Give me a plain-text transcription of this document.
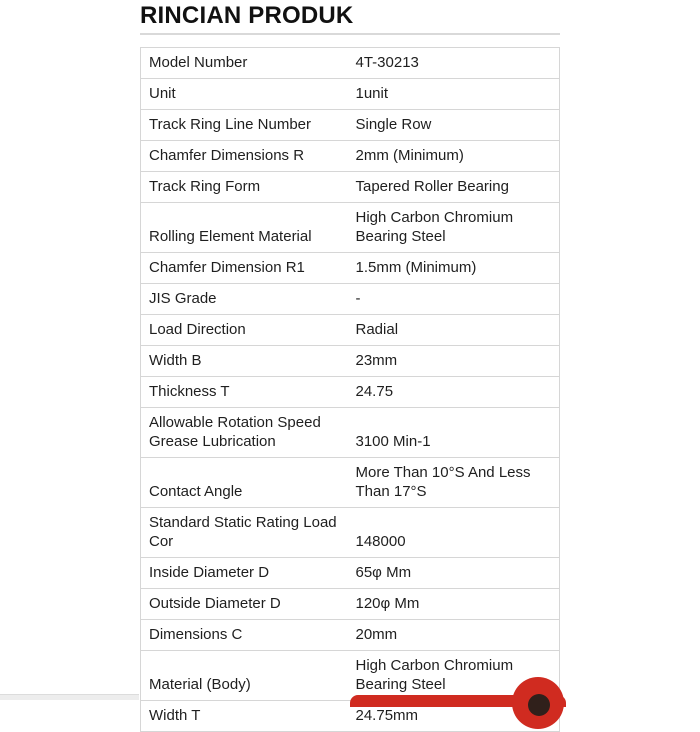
RINCIAN PRODUK
Model Number	4T-30213
Unit	1unit
Track Ring Line Number	Single Row
Chamfer Dimensions R	2mm (Minimum)
Track Ring Form	Tapered Roller Bearing
Rolling Element Material	High Carbon Chromium Bearing Steel
Chamfer Dimension R1	1.5mm (Minimum)
JIS Grade	-
Load Direction	Radial
Width B	23mm
Thickness T	24.75
Allowable Rotation Speed Grease Lubrication	3100 Min-1
Contact Angle	More Than 10°S And Less Than 17°S
Standard Static Rating Load Cor	148000
Inside Diameter D	65φ Mm
Outside Diameter D	120φ Mm
Dimensions C	20mm
Material (Body)	High Carbon Chromium Bearing Steel
Width T	24.75mm
